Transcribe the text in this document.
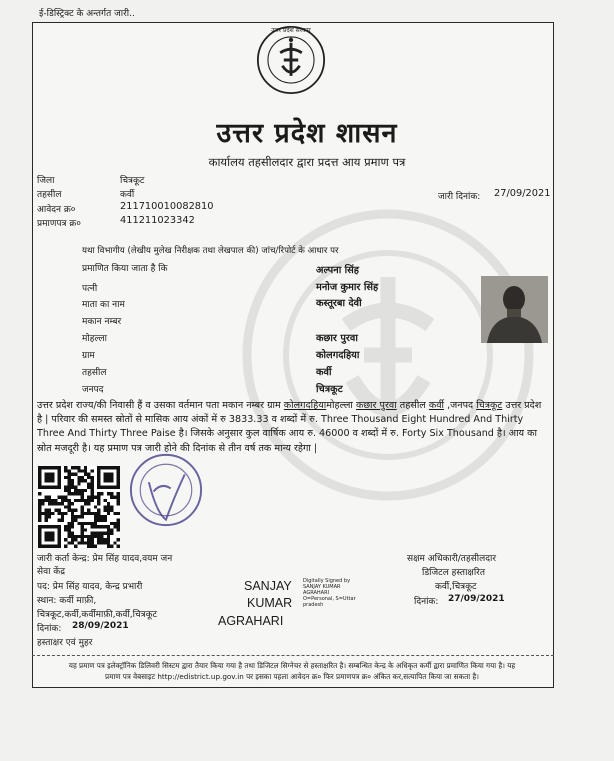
ई-डिस्ट्रिक्ट के अन्तर्गत जारी..
उत्तर प्रदेश सरकार
उत्तर प्रदेश शासन
कार्यालय तहसीलदार द्वारा प्रदत्त आय प्रमाण पत्र
जिला	चित्रकूट
तहसील	कर्वी
आवेदन क्र०	211710010082810
प्रमाणपत्र क्र०	411211023342
जारी दिनांक: 27/09/2021
यथा विभागीय (लेखीय मुलेख निरीक्षक तथा लेखपाल की) जांच/रिपोर्ट के आधार पर
प्रमाणित किया जाता है कि	अल्पना सिंह
पत्नी	मनोज कुमार सिंह
माता का नाम	कस्तूरबा देवी
मकान नम्बर
मोहल्ला	कछार पुरवा
ग्राम	कोलगदहिया
तहसील	कर्वी
जनपद	चित्रकूट
उत्तर प्रदेश राज्य/की निवासी हैं व उसका वर्तमान पता मकान नम्बर ग्राम कोलगदहियामोहल्ला कछार पुरवा तहसील कर्वी ,जनपद चित्रकूट उत्तर प्रदेश है | परिवार की समस्त स्रोतों से मासिक आय अंकों में रु 3833.33 व शब्दों में रु. Three Thousand Eight Hundred And Thirty Three And Thirty Three Paise है। जिसके अनुसार कुल वार्षिक आय रु. 46000 व शब्दों में रु. Forty Six Thousand है। आय का स्रोत मजदूरी है। यह प्रमाण पत्र जारी होने की दिनांक से तीन वर्ष तक मान्य रहेगा |
जारी कर्ता केन्द्र: प्रेम सिंह यादव,वयम जन
सेवा केंद्र
पद: प्रेम सिंह यादव, केन्द्र प्रभारी
स्थान: कर्वी माफ़ी,
चित्रकूट,कर्वी,कर्वीमाफ़ी,कर्वी,चित्रकूट
दिनांक: 28/09/2021
हस्ताक्षर एवं मुहर
SANJAY
KUMAR
AGRAHARI
Digitally Signed by
SANJAY KUMAR
AGRAHARI
O=Personal, S=Uttar
pradesh
सक्षम अधिकारी/तहसीलदार
डिजिटल हस्ताक्षरित
कर्वी,चित्रकूट
दिनांक: 27/09/2021
यह प्रमाण पत्र इलेक्ट्रॉनिक डिलिवरी सिस्टम द्वारा तैयार किया गया है तथा डिजिटल सिग्नेचर से हस्ताक्षरित है। सम्बन्धित केन्द्र के अधिकृत कर्मी द्वारा प्रमाणित किया गया है। यह
प्रमाण पत्र वेबसाइट http://edistrict.up.gov.in पर इसका पहला आवेदन क्र० फिर प्रमाणपत्र क्र० अंकित कर,सत्यापित किया जा सकता है।
